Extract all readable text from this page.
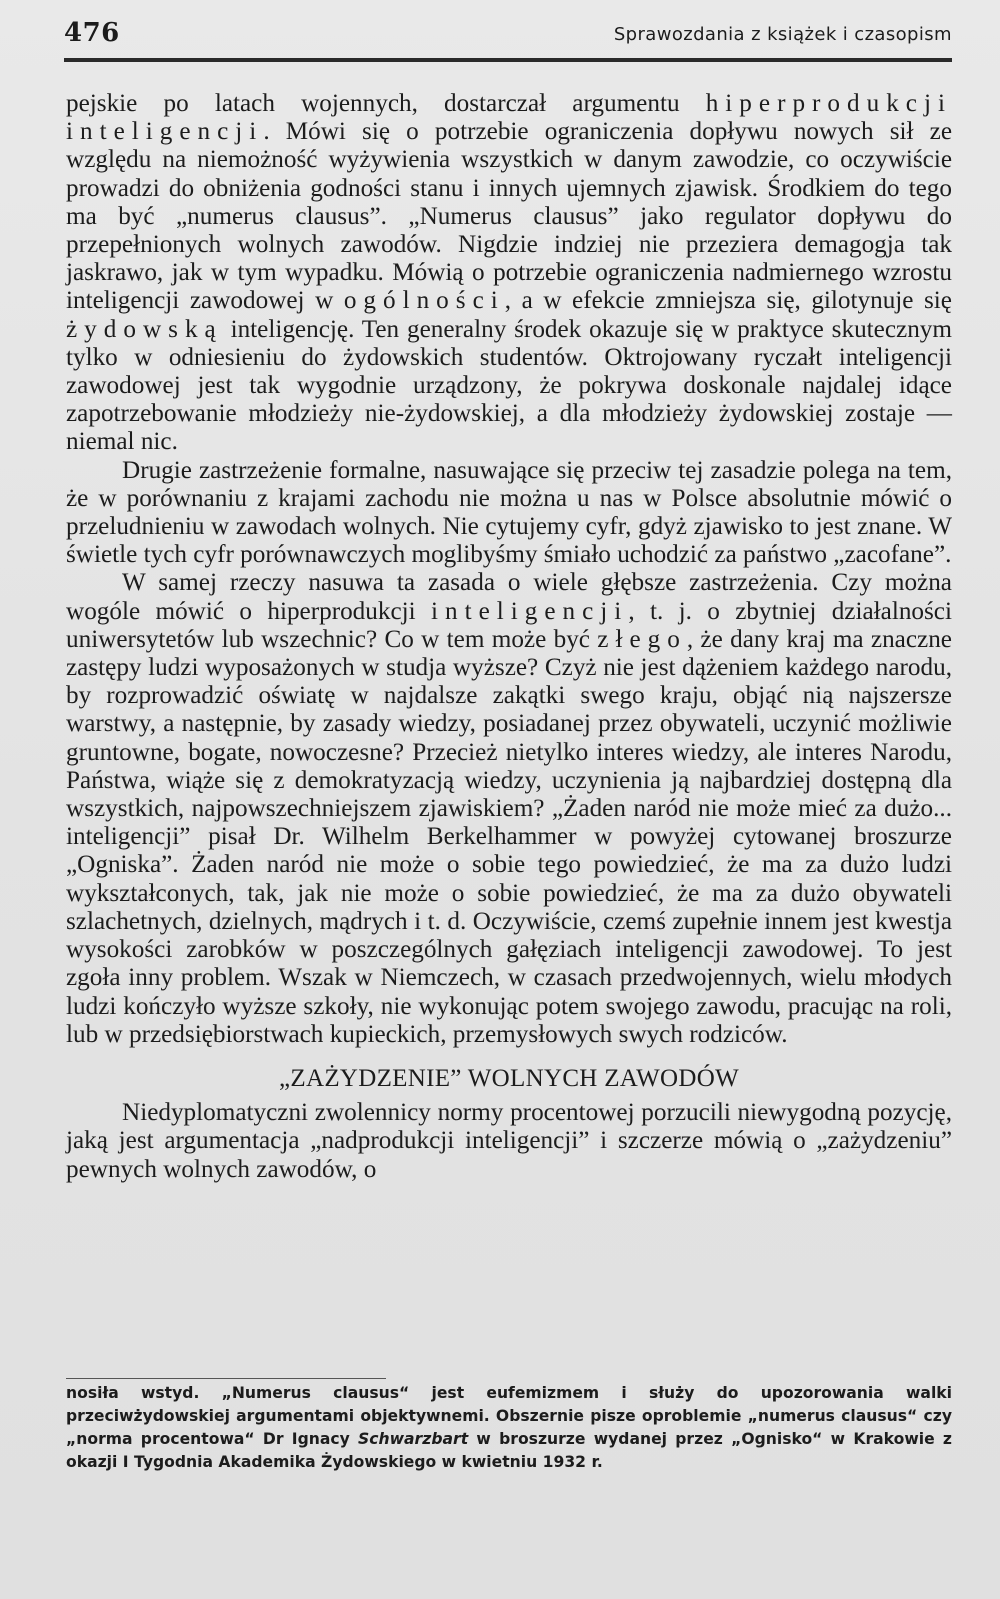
476	Sprawozdania z książek i czasopism

pejskie po latach wojennych, dostarczał argumentu hiperprodukcji inteligencji. Mówi się o potrzebie ograniczenia dopływu nowych sił ze względu na niemożność wyżywienia wszystkich w danym zawodzie, co oczywiście prowadzi do obniżenia godności stanu i innych ujemnych zjawisk. Środkiem do tego ma być „numerus clausus”. „Numerus clausus” jako regulator dopływu do przepełnionych wolnych zawodów. Nigdzie indziej nie przeziera demagogja tak jaskrawo, jak w tym wypadku. Mówią o potrzebie ograniczenia nadmiernego wzrostu inteligencji zawodowej w ogólności, a w efekcie zmniejsza się, gilotynuje się żydowską inteligencję. Ten generalny środek okazuje się w praktyce skutecznym tylko w odniesieniu do żydowskich studentów. Oktrojowany ryczałt inteligencji zawodowej jest tak wygodnie urządzony, że pokrywa doskonale najdalej idące zapotrzebowanie młodzieży nie-żydowskiej, a dla młodzieży żydowskiej zostaje — niemal nic.

Drugie zastrzeżenie formalne, nasuwające się przeciw tej zasadzie polega na tem, że w porównaniu z krajami zachodu nie można u nas w Polsce absolutnie mówić o przeludnieniu w zawodach wolnych. Nie cytujemy cyfr, gdyż zjawisko to jest znane. W świetle tych cyfr porównawczych moglibyśmy śmiało uchodzić za państwo „zacofane”.

W samej rzeczy nasuwa ta zasada o wiele głębsze zastrzeżenia. Czy można wogóle mówić o hiperprodukcji inteligencji, t. j. o zbytniej działalności uniwersytetów lub wszechnic? Co w tem może być złego, że dany kraj ma znaczne zastępy ludzi wyposażonych w studja wyższe? Czyż nie jest dążeniem każdego narodu, by rozprowadzić oświatę w najdalsze zakątki swego kraju, objąć nią najszersze warstwy, a następnie, by zasady wiedzy, posiadanej przez obywateli, uczynić możliwie gruntowne, bogate, nowoczesne? Przecież nietylko interes wiedzy, ale interes Narodu, Państwa, wiąże się z demokratyzacją wiedzy, uczynienia ją najbardziej dostępną dla wszystkich, najpowszechniejszem zjawiskiem? „Żaden naród nie może mieć za dużo... inteligencji” pisał Dr. Wilhelm Berkelhammer w powyżej cytowanej broszurze „Ogniska”. Żaden naród nie może o sobie tego powiedzieć, że ma za dużo ludzi wykształconych, tak, jak nie może o sobie powiedzieć, że ma za dużo obywateli szlachetnych, dzielnych, mądrych i t. d. Oczywiście, czemś zupełnie innem jest kwestja wysokości zarobków w poszczególnych gałęziach inteligencji zawodowej. To jest zgoła inny problem. Wszak w Niemczech, w czasach przedwojennych, wielu młodych ludzi kończyło wyższe szkoły, nie wykonując potem swojego zawodu, pracując na roli, lub w przedsiębiorstwach kupieckich, przemysłowych swych rodziców.

„ZAŻYDZENIE” WOLNYCH ZAWODÓW

Niedyplomatyczni zwolennicy normy procentowej porzucili niewygodną pozycję, jaką jest argumentacja „nadprodukcji inteligencji” i szczerze mówią o „zażydzeniu” pewnych wolnych zawodów, o

nosiła wstyd. „Numerus clausus“ jest eufemizmem i służy do upozorowania walki przeciwżydowskiej argumentami objektywnemi. Obszernie pisze oproblemie „numerus clausus“ czy „norma procentowa“ Dr Ignacy Schwarzbart w broszurze wydanej przez „Ognisko“ w Krakowie z okazji I Tygodnia Akademika Żydowskiego w kwietniu 1932 r.
